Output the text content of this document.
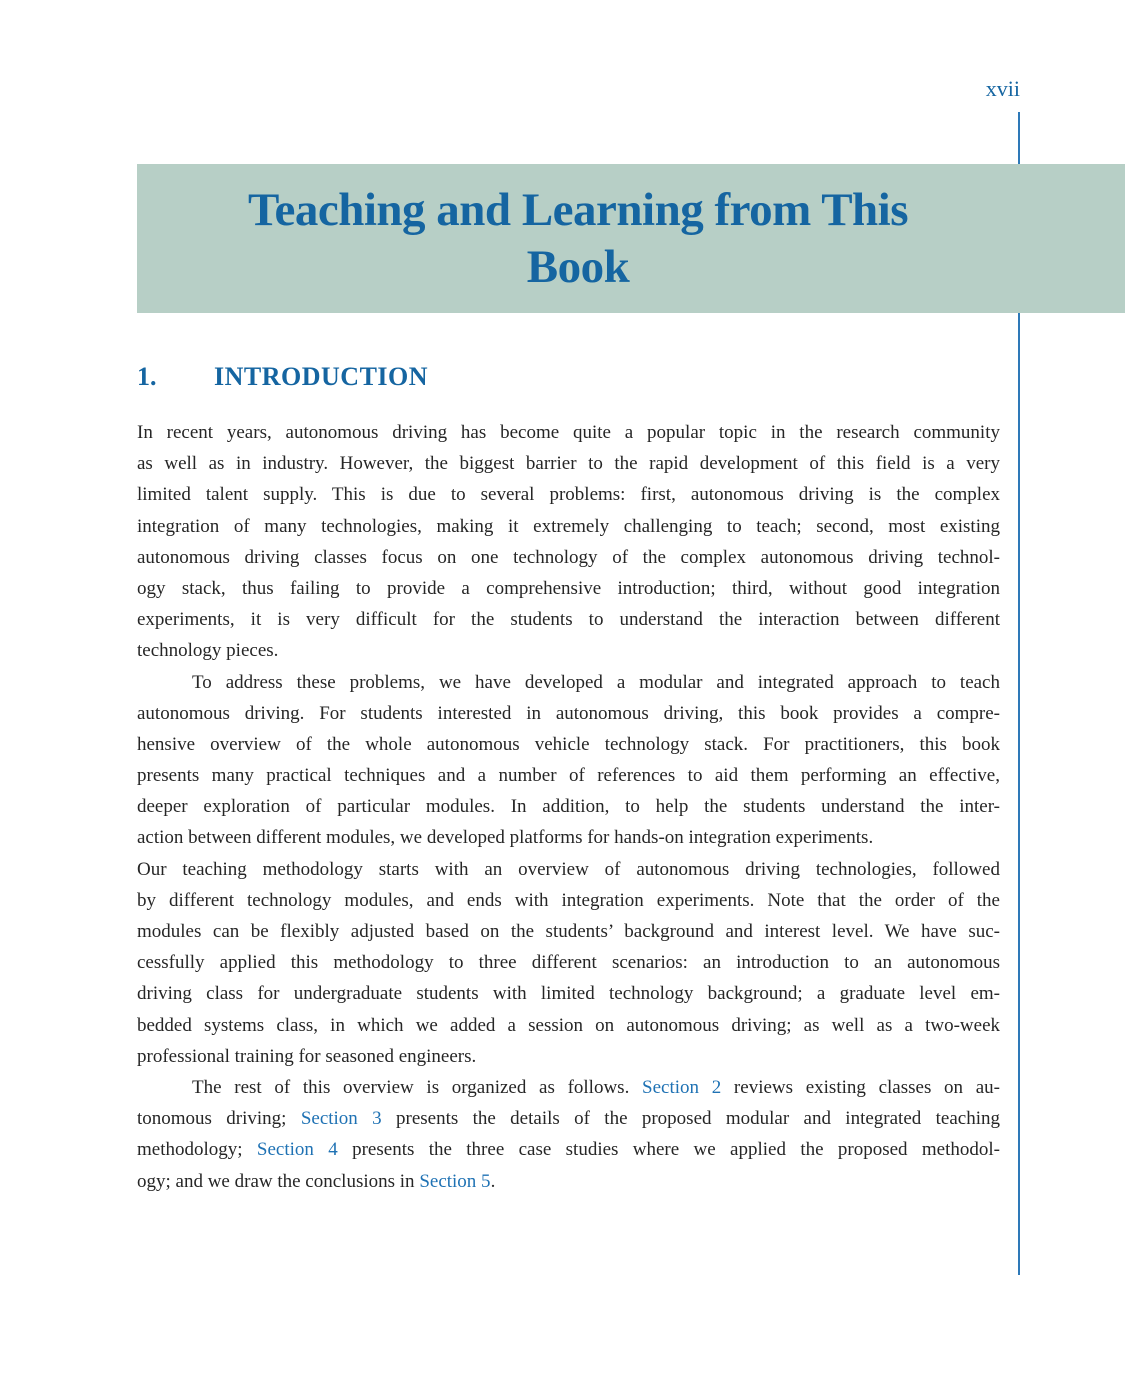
xvii
Teaching and Learning from This
Book
1. INTRODUCTION
In recent years, autonomous driving has become quite a popular topic in the research community
as well as in industry. However, the biggest barrier to the rapid development of this field is a very
limited talent supply. This is due to several problems: first, autonomous driving is the complex
integration of many technologies, making it extremely challenging to teach; second, most existing
autonomous driving classes focus on one technology of the complex autonomous driving technol-
ogy stack, thus failing to provide a comprehensive introduction; third, without good integration
experiments, it is very difficult for the students to understand the interaction between different
technology pieces.
To address these problems, we have developed a modular and integrated approach to teach
autonomous driving. For students interested in autonomous driving, this book provides a compre-
hensive overview of the whole autonomous vehicle technology stack. For practitioners, this book
presents many practical techniques and a number of references to aid them performing an effective,
deeper exploration of particular modules. In addition, to help the students understand the inter-
action between different modules, we developed platforms for hands-on integration experiments.
Our teaching methodology starts with an overview of autonomous driving technologies, followed
by different technology modules, and ends with integration experiments. Note that the order of the
modules can be flexibly adjusted based on the students’ background and interest level. We have suc-
cessfully applied this methodology to three different scenarios: an introduction to an autonomous
driving class for undergraduate students with limited technology background; a graduate level em-
bedded systems class, in which we added a session on autonomous driving; as well as a two-week
professional training for seasoned engineers.
The rest of this overview is organized as follows. Section 2 reviews existing classes on au-
tonomous driving; Section 3 presents the details of the proposed modular and integrated teaching
methodology; Section 4 presents the three case studies where we applied the proposed methodol-
ogy; and we draw the conclusions in Section 5.
